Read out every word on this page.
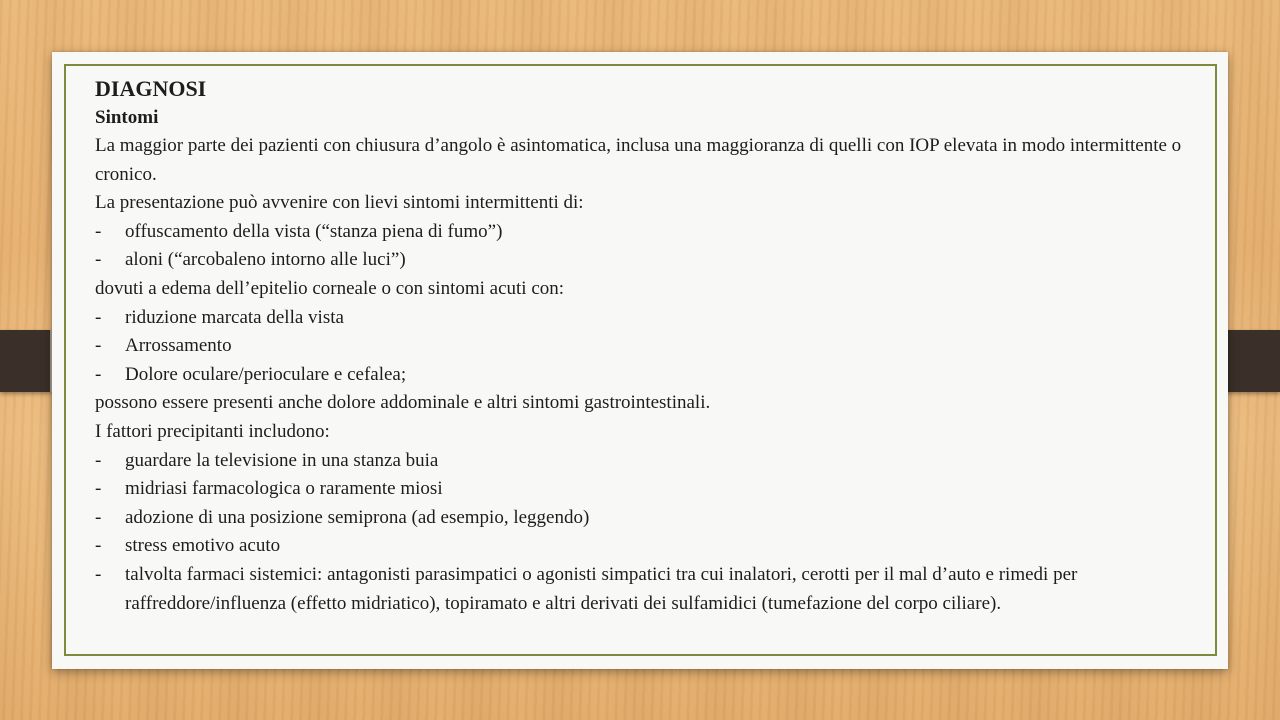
DIAGNOSI
Sintomi
La maggior parte dei pazienti con chiusura d’angolo è asintomatica, inclusa una maggioranza di quelli con IOP elevata in modo intermittente o cronico.
La presentazione può avvenire con lievi sintomi intermittenti di:
- offuscamento della vista (“stanza piena di fumo”)
- aloni (“arcobaleno intorno alle luci”)
dovuti a edema dell’epitelio corneale o con sintomi acuti con:
- riduzione marcata della vista
- Arrossamento
- Dolore oculare/perioculare e cefalea;
possono essere presenti anche dolore addominale e altri sintomi gastrointestinali.
I fattori precipitanti includono:
- guardare la televisione in una stanza buia
- midriasi farmacologica o raramente miosi
- adozione di una posizione semiprona (ad esempio, leggendo)
- stress emotivo acuto
- talvolta farmaci sistemici: antagonisti parasimpatici o agonisti simpatici tra cui inalatori, cerotti per il mal d’auto e rimedi per raffreddore/influenza (effetto midriatico), topiramato e altri derivati dei sulfamidici (tumefazione del corpo ciliare).
